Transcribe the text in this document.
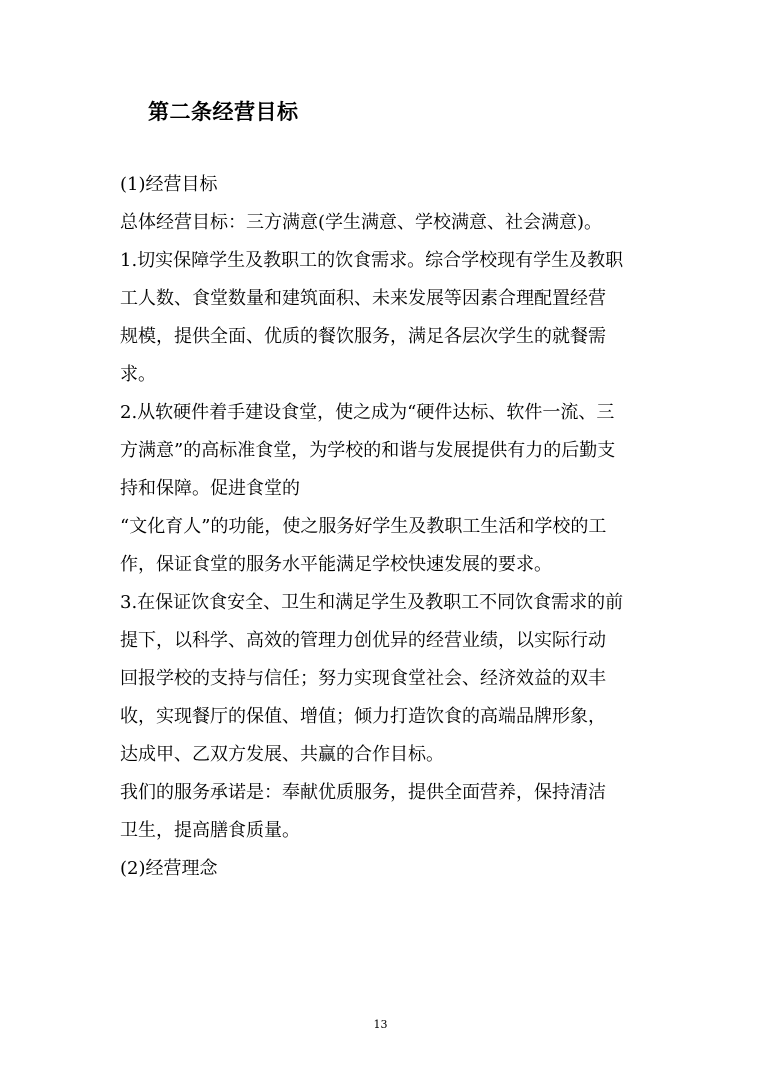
第二条经营目标
(1)经营目标
总体经营目标：三方满意(学生满意、学校满意、社会满意)。
1.切实保障学生及教职工的饮食需求。综合学校现有学生及教职
工人数、食堂数量和建筑面积、未来发展等因素合理配置经营
规模，提供全面、优质的餐饮服务，满足各层次学生的就餐需
求。
2.从软硬件着手建设食堂，使之成为“硬件达标、软件一流、三
方满意”的高标准食堂，为学校的和谐与发展提供有力的后勤支
持和保障。促进食堂的
“文化育人”的功能，使之服务好学生及教职工生活和学校的工
作，保证食堂的服务水平能满足学校快速发展的要求。
3.在保证饮食安全、卫生和满足学生及教职工不同饮食需求的前
提下，以科学、高效的管理力创优异的经营业绩，以实际行动
回报学校的支持与信任；努力实现食堂社会、经济效益的双丰
收，实现餐厅的保值、增值；倾力打造饮食的高端品牌形象，
达成甲、乙双方发展、共赢的合作目标。
我们的服务承诺是：奉献优质服务，提供全面营养，保持清洁
卫生，提高膳食质量。
(2)经营理念
13
